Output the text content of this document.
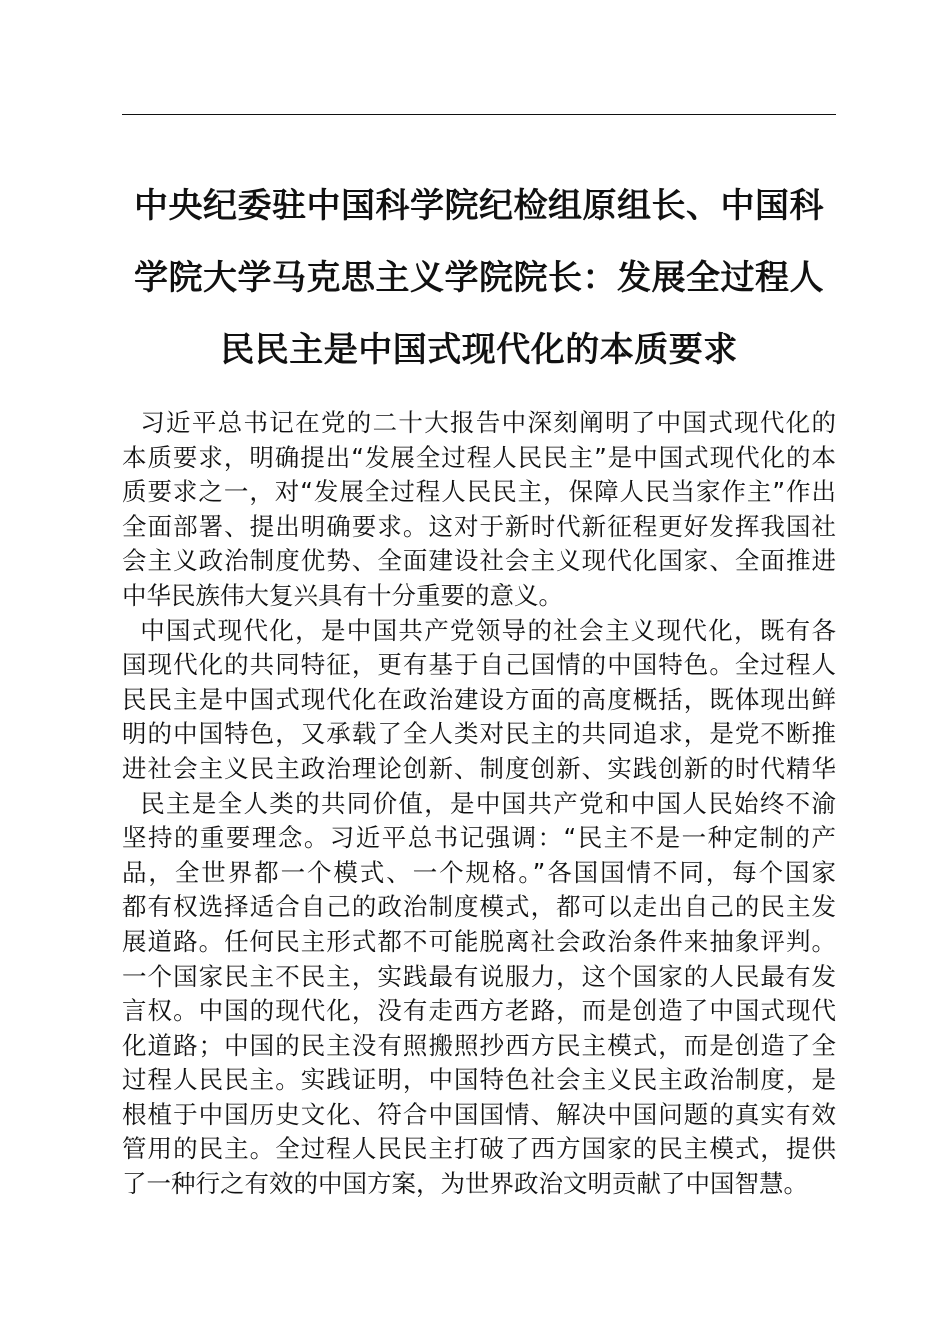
中央纪委驻中国科学院纪检组原组长、中国科
学院大学马克思主义学院院长：发展全过程人
民民主是中国式现代化的本质要求

习近平总书记在党的二十大报告中深刻阐明了中国式现代化的
本质要求，明确提出“发展全过程人民民主”是中国式现代化的本
质要求之一，对“发展全过程人民民主，保障人民当家作主”作出
全面部署、提出明确要求。这对于新时代新征程更好发挥我国社
会主义政治制度优势、全面建设社会主义现代化国家、全面推进
中华民族伟大复兴具有十分重要的意义。

中国式现代化，是中国共产党领导的社会主义现代化，既有各
国现代化的共同特征，更有基于自己国情的中国特色。全过程人
民民主是中国式现代化在政治建设方面的高度概括，既体现出鲜
明的中国特色，又承载了全人类对民主的共同追求，是党不断推
进社会主义民主政治理论创新、制度创新、实践创新的时代精华

民主是全人类的共同价值，是中国共产党和中国人民始终不渝
坚持的重要理念。习近平总书记强调：“民主不是一种定制的产
品，全世界都一个模式、一个规格。”各国国情不同，每个国家
都有权选择适合自己的政治制度模式，都可以走出自己的民主发
展道路。任何民主形式都不可能脱离社会政治条件来抽象评判。
一个国家民主不民主，实践最有说服力，这个国家的人民最有发
言权。中国的现代化，没有走西方老路，而是创造了中国式现代
化道路；中国的民主没有照搬照抄西方民主模式，而是创造了全
过程人民民主。实践证明，中国特色社会主义民主政治制度，是
根植于中国历史文化、符合中国国情、解决中国问题的真实有效
管用的民主。全过程人民民主打破了西方国家的民主模式，提供
了一种行之有效的中国方案，为世界政治文明贡献了中国智慧。
